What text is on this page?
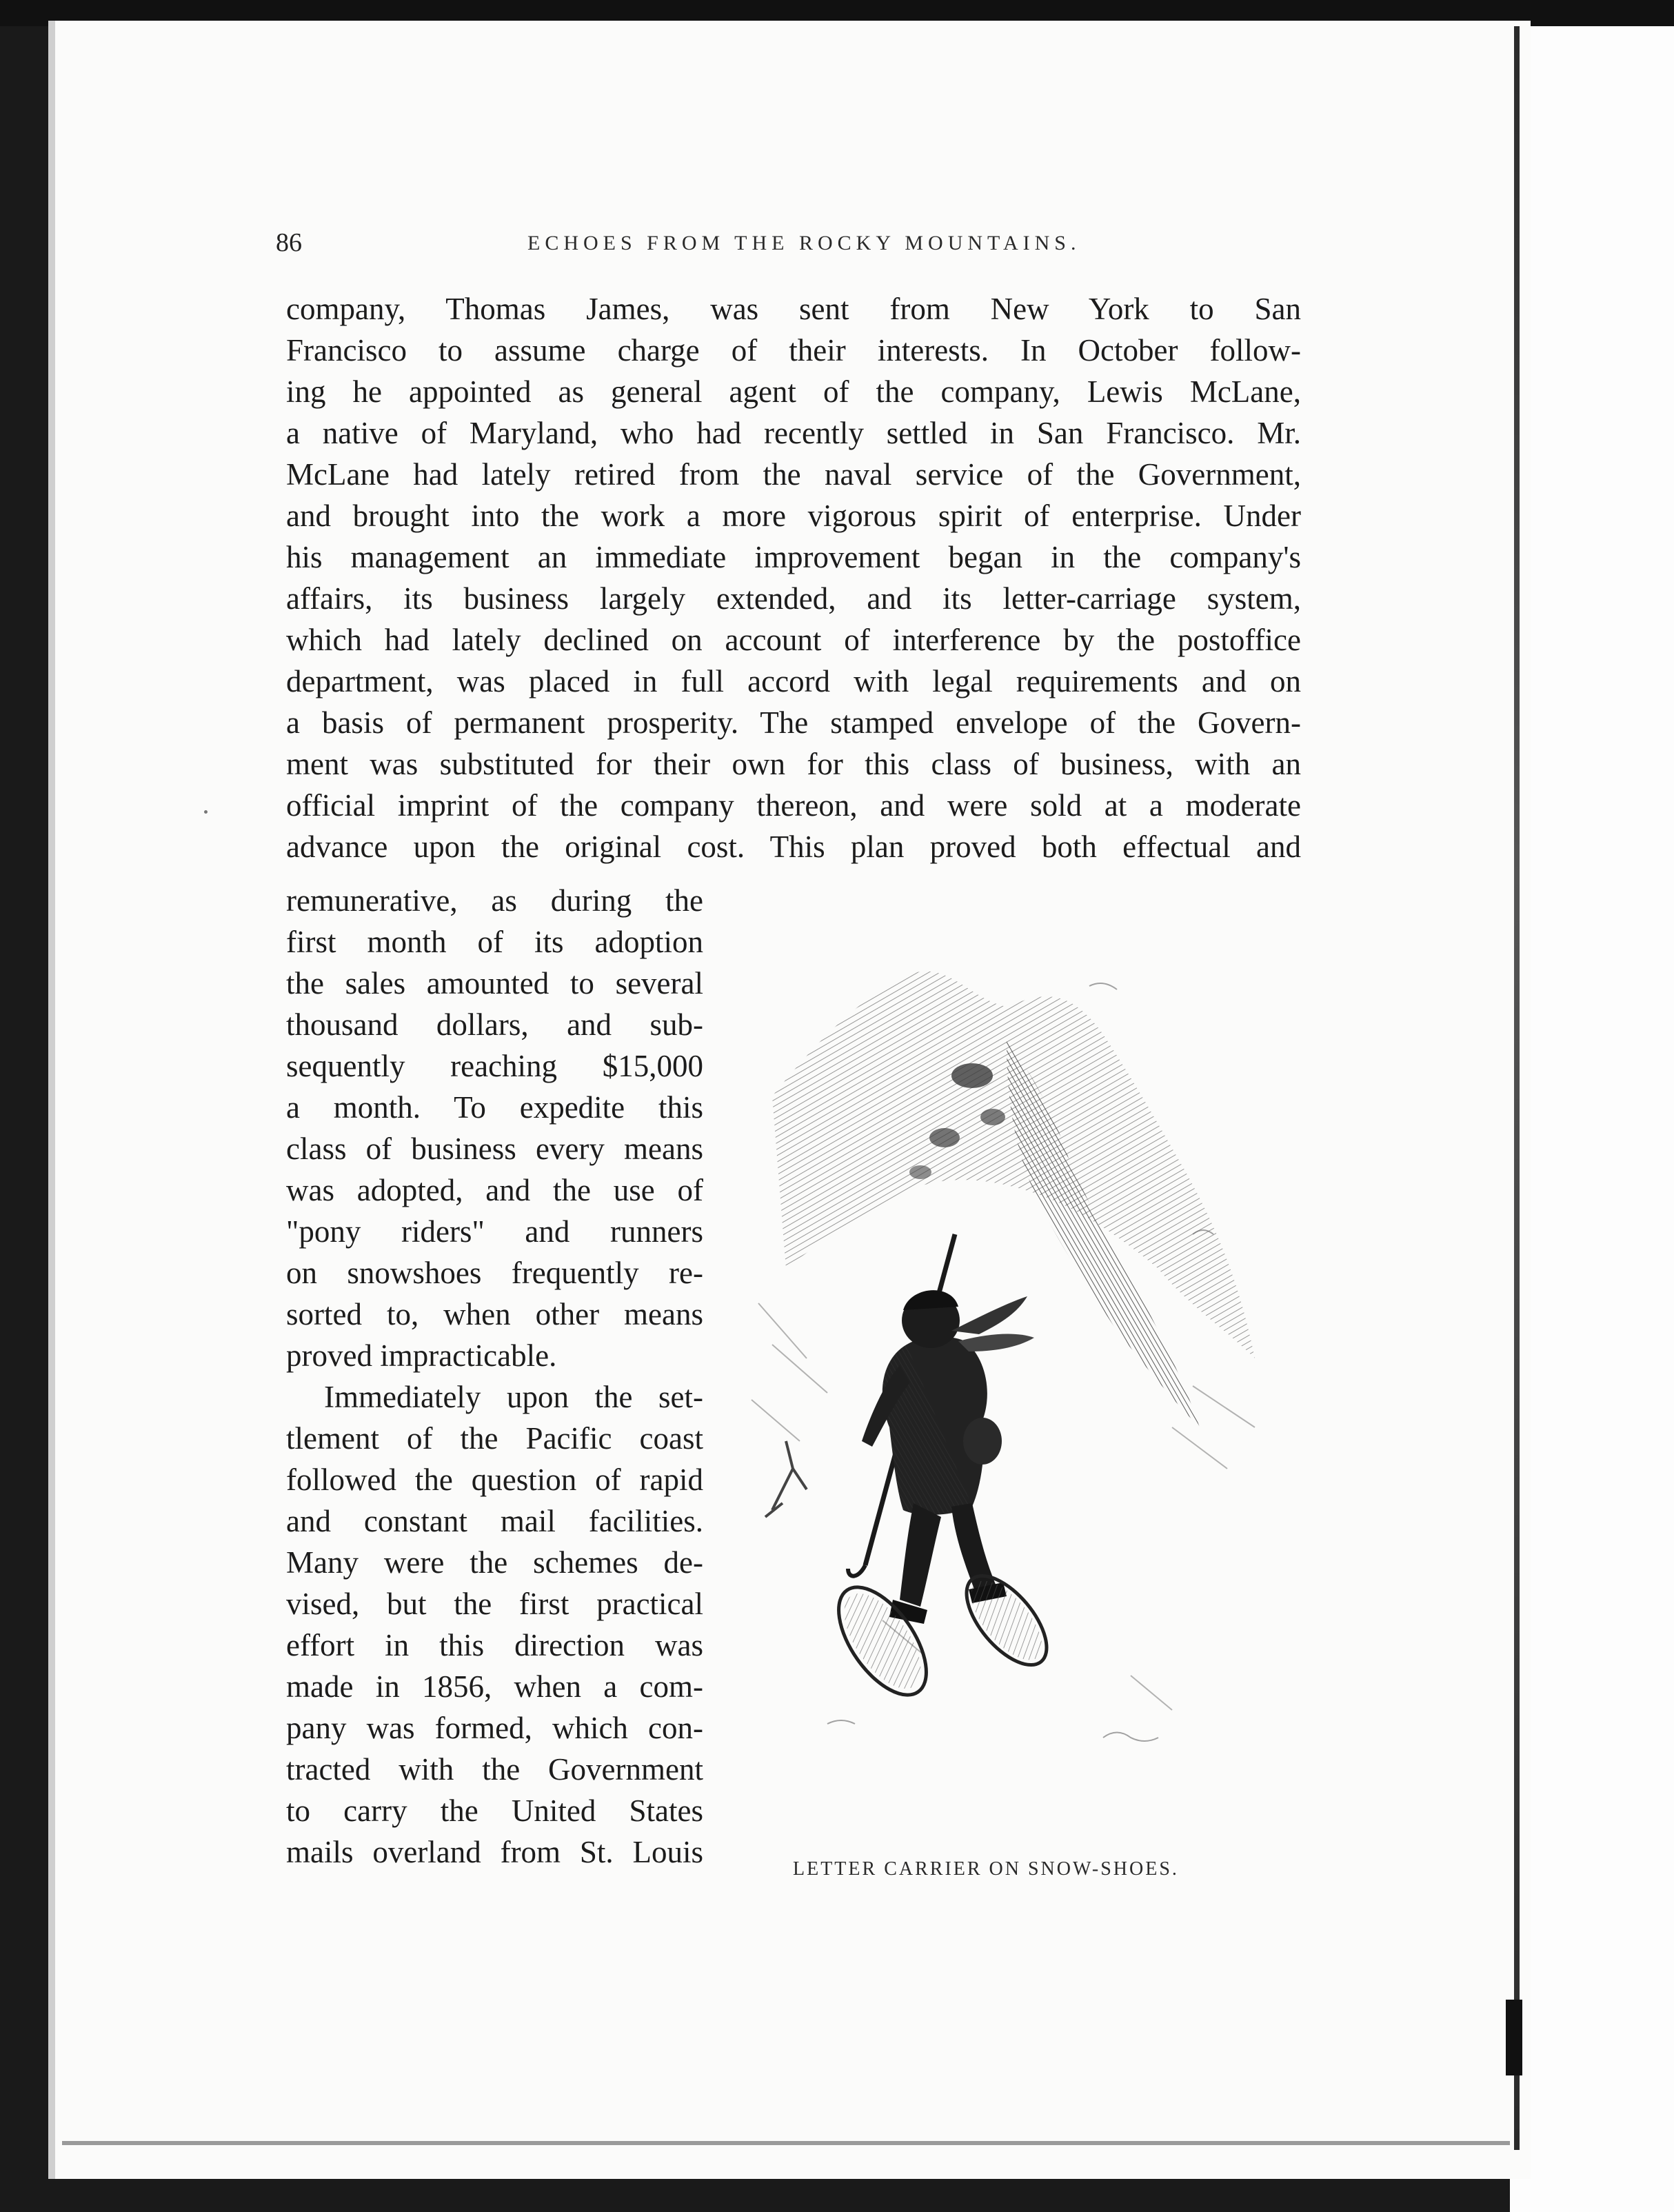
86	ECHOES FROM THE ROCKY MOUNTAINS.
company, Thomas James, was sent from New York to San
Francisco to assume charge of their interests. In October follow-
ing he appointed as general agent of the company, Lewis McLane,
a native of Maryland, who had recently settled in San Francisco. Mr.
McLane had lately retired from the naval service of the Government,
and brought into the work a more vigorous spirit of enterprise. Under
his management an immediate improvement began in the company's
affairs, its business largely extended, and its letter-carriage system,
which had lately declined on account of interference by the postoffice
department, was placed in full accord with legal requirements and on
a basis of permanent prosperity. The stamped envelope of the Govern-
ment was substituted for their own for this class of business, with an
official imprint of the company thereon, and were sold at a moderate
advance upon the original cost. This plan proved both effectual and
remunerative, as during the
first month of its adoption
the sales amounted to several
thousand dollars, and sub-
sequently reaching $15,000
a month. To expedite this
class of business every means
was adopted, and the use of
"pony riders" and runners
on snowshoes frequently re-
sorted to, when other means
proved impracticable.
Immediately upon the set-
tlement of the Pacific coast
followed the question of rapid
and constant mail facilities.
Many were the schemes de-
vised, but the first practical
effort in this direction was
made in 1856, when a com-
pany was formed, which con-
tracted with the Government
to carry the United States
mails overland from St. Louis	LETTER CARRIER ON SNOW-SHOES.
